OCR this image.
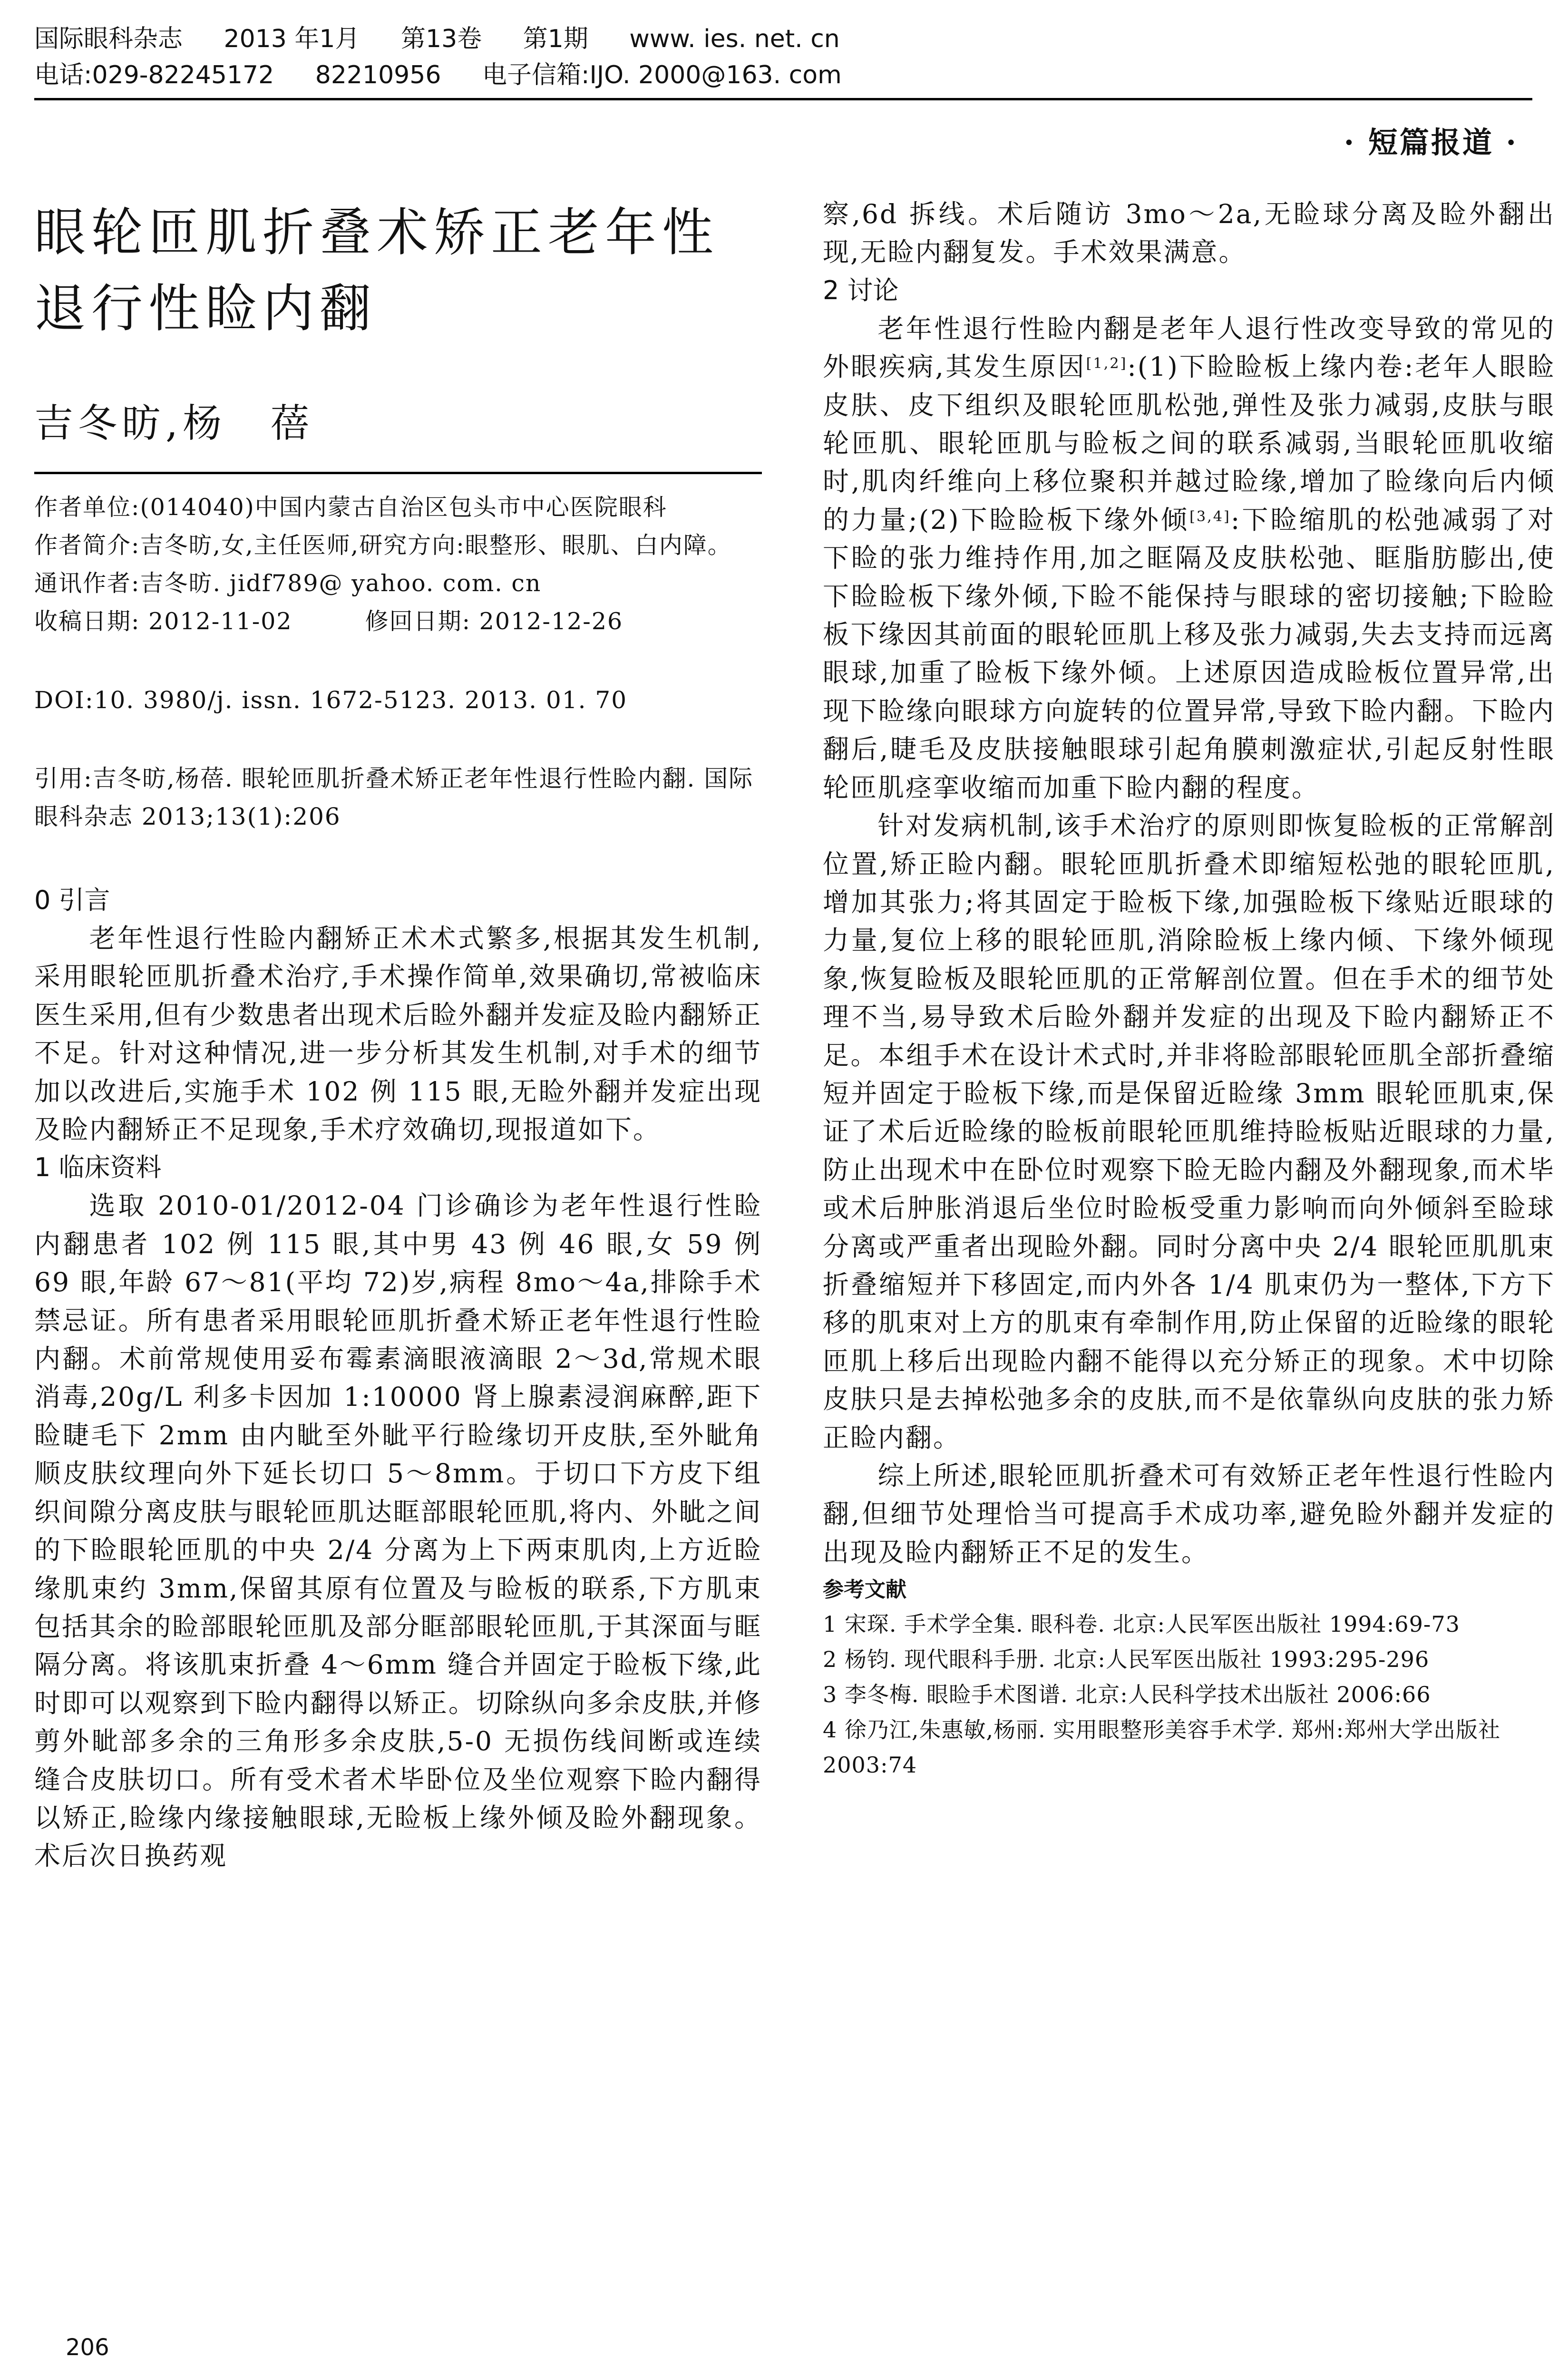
国际眼科杂志 2013 年1月 第13卷 第1期 www. ies. net. cn
电话:029-82245172 82210956 电子信箱:IJO. 2000@163. com
· 短篇报道 ·
眼轮匝肌折叠术矫正老年性退行性睑内翻
吉冬昉,杨　蓓

作者单位:(014040)中国内蒙古自治区包头市中心医院眼科

作者简介:吉冬昉,女,主任医师,研究方向:眼整形、眼肌、白内障。

通讯作者:吉冬昉. jidf789@ yahoo. com. cn

收稿日期: 2012-11-02　　　修回日期: 2012-12-26

DOI:10. 3980/j. issn. 1672-5123. 2013. 01. 70
引用:吉冬昉,杨蓓. 眼轮匝肌折叠术矫正老年性退行性睑内翻. 国际眼科杂志 2013;13(1):206
0 引言

老年性退行性睑内翻矫正术术式繁多,根据其发生机制,采用眼轮匝肌折叠术治疗,手术操作简单,效果确切,常被临床医生采用,但有少数患者出现术后睑外翻并发症及睑内翻矫正不足。针对这种情况,进一步分析其发生机制,对手术的细节加以改进后,实施手术 102 例 115 眼,无睑外翻并发症出现及睑内翻矫正不足现象,手术疗效确切,现报道如下。

1 临床资料

选取 2010-01/2012-04 门诊确诊为老年性退行性睑内翻患者 102 例 115 眼,其中男 43 例 46 眼,女 59 例 69 眼,年龄 67～81(平均 72)岁,病程 8mo～4a,排除手术禁忌证。所有患者采用眼轮匝肌折叠术矫正老年性退行性睑内翻。术前常规使用妥布霉素滴眼液滴眼 2～3d,常规术眼消毒,20g/L 利多卡因加 1:10000 肾上腺素浸润麻醉,距下睑睫毛下 2mm 由内眦至外眦平行睑缘切开皮肤,至外眦角顺皮肤纹理向外下延长切口 5～8mm。于切口下方皮下组织间隙分离皮肤与眼轮匝肌达眶部眼轮匝肌,将内、外眦之间的下睑眼轮匝肌的中央 2/4 分离为上下两束肌肉,上方近睑缘肌束约 3mm,保留其原有位置及与睑板的联系,下方肌束包括其余的睑部眼轮匝肌及部分眶部眼轮匝肌,于其深面与眶隔分离。将该肌束折叠 4～6mm 缝合并固定于睑板下缘,此时即可以观察到下睑内翻得以矫正。切除纵向多余皮肤,并修剪外眦部多余的三角形多余皮肤,5-0 无损伤线间断或连续缝合皮肤切口。所有受术者术毕卧位及坐位观察下睑内翻得以矫正,睑缘内缘接触眼球,无睑板上缘外倾及睑外翻现象。术后次日换药观

察,6d 拆线。术后随访 3mo～2a,无睑球分离及睑外翻出现,无睑内翻复发。手术效果满意。

2 讨论

老年性退行性睑内翻是老年人退行性改变导致的常见的外眼疾病,其发生原因[1,2]:(1)下睑睑板上缘内卷:老年人眼睑皮肤、皮下组织及眼轮匝肌松弛,弹性及张力减弱,皮肤与眼轮匝肌、眼轮匝肌与睑板之间的联系减弱,当眼轮匝肌收缩时,肌肉纤维向上移位聚积并越过睑缘,增加了睑缘向后内倾的力量;(2)下睑睑板下缘外倾[3,4]:下睑缩肌的松弛减弱了对下睑的张力维持作用,加之眶隔及皮肤松弛、眶脂肪膨出,使下睑睑板下缘外倾,下睑不能保持与眼球的密切接触;下睑睑板下缘因其前面的眼轮匝肌上移及张力减弱,失去支持而远离眼球,加重了睑板下缘外倾。上述原因造成睑板位置异常,出现下睑缘向眼球方向旋转的位置异常,导致下睑内翻。下睑内翻后,睫毛及皮肤接触眼球引起角膜刺激症状,引起反射性眼轮匝肌痉挛收缩而加重下睑内翻的程度。

针对发病机制,该手术治疗的原则即恢复睑板的正常解剖位置,矫正睑内翻。眼轮匝肌折叠术即缩短松弛的眼轮匝肌,增加其张力;将其固定于睑板下缘,加强睑板下缘贴近眼球的力量,复位上移的眼轮匝肌,消除睑板上缘内倾、下缘外倾现象,恢复睑板及眼轮匝肌的正常解剖位置。但在手术的细节处理不当,易导致术后睑外翻并发症的出现及下睑内翻矫正不足。本组手术在设计术式时,并非将睑部眼轮匝肌全部折叠缩短并固定于睑板下缘,而是保留近睑缘 3mm 眼轮匝肌束,保证了术后近睑缘的睑板前眼轮匝肌维持睑板贴近眼球的力量,防止出现术中在卧位时观察下睑无睑内翻及外翻现象,而术毕或术后肿胀消退后坐位时睑板受重力影响而向外倾斜至睑球分离或严重者出现睑外翻。同时分离中央 2/4 眼轮匝肌肌束折叠缩短并下移固定,而内外各 1/4 肌束仍为一整体,下方下移的肌束对上方的肌束有牵制作用,防止保留的近睑缘的眼轮匝肌上移后出现睑内翻不能得以充分矫正的现象。术中切除皮肤只是去掉松弛多余的皮肤,而不是依靠纵向皮肤的张力矫正睑内翻。

综上所述,眼轮匝肌折叠术可有效矫正老年性退行性睑内翻,但细节处理恰当可提高手术成功率,避免睑外翻并发症的出现及睑内翻矫正不足的发生。

参考文献

1 宋琛. 手术学全集. 眼科卷. 北京:人民军医出版社 1994:69-73

2 杨钧. 现代眼科手册. 北京:人民军医出版社 1993:295-296

3 李冬梅. 眼睑手术图谱. 北京:人民科学技术出版社 2006:66

4 徐乃江,朱惠敏,杨丽. 实用眼整形美容手术学. 郑州:郑州大学出版社 2003:74

206
